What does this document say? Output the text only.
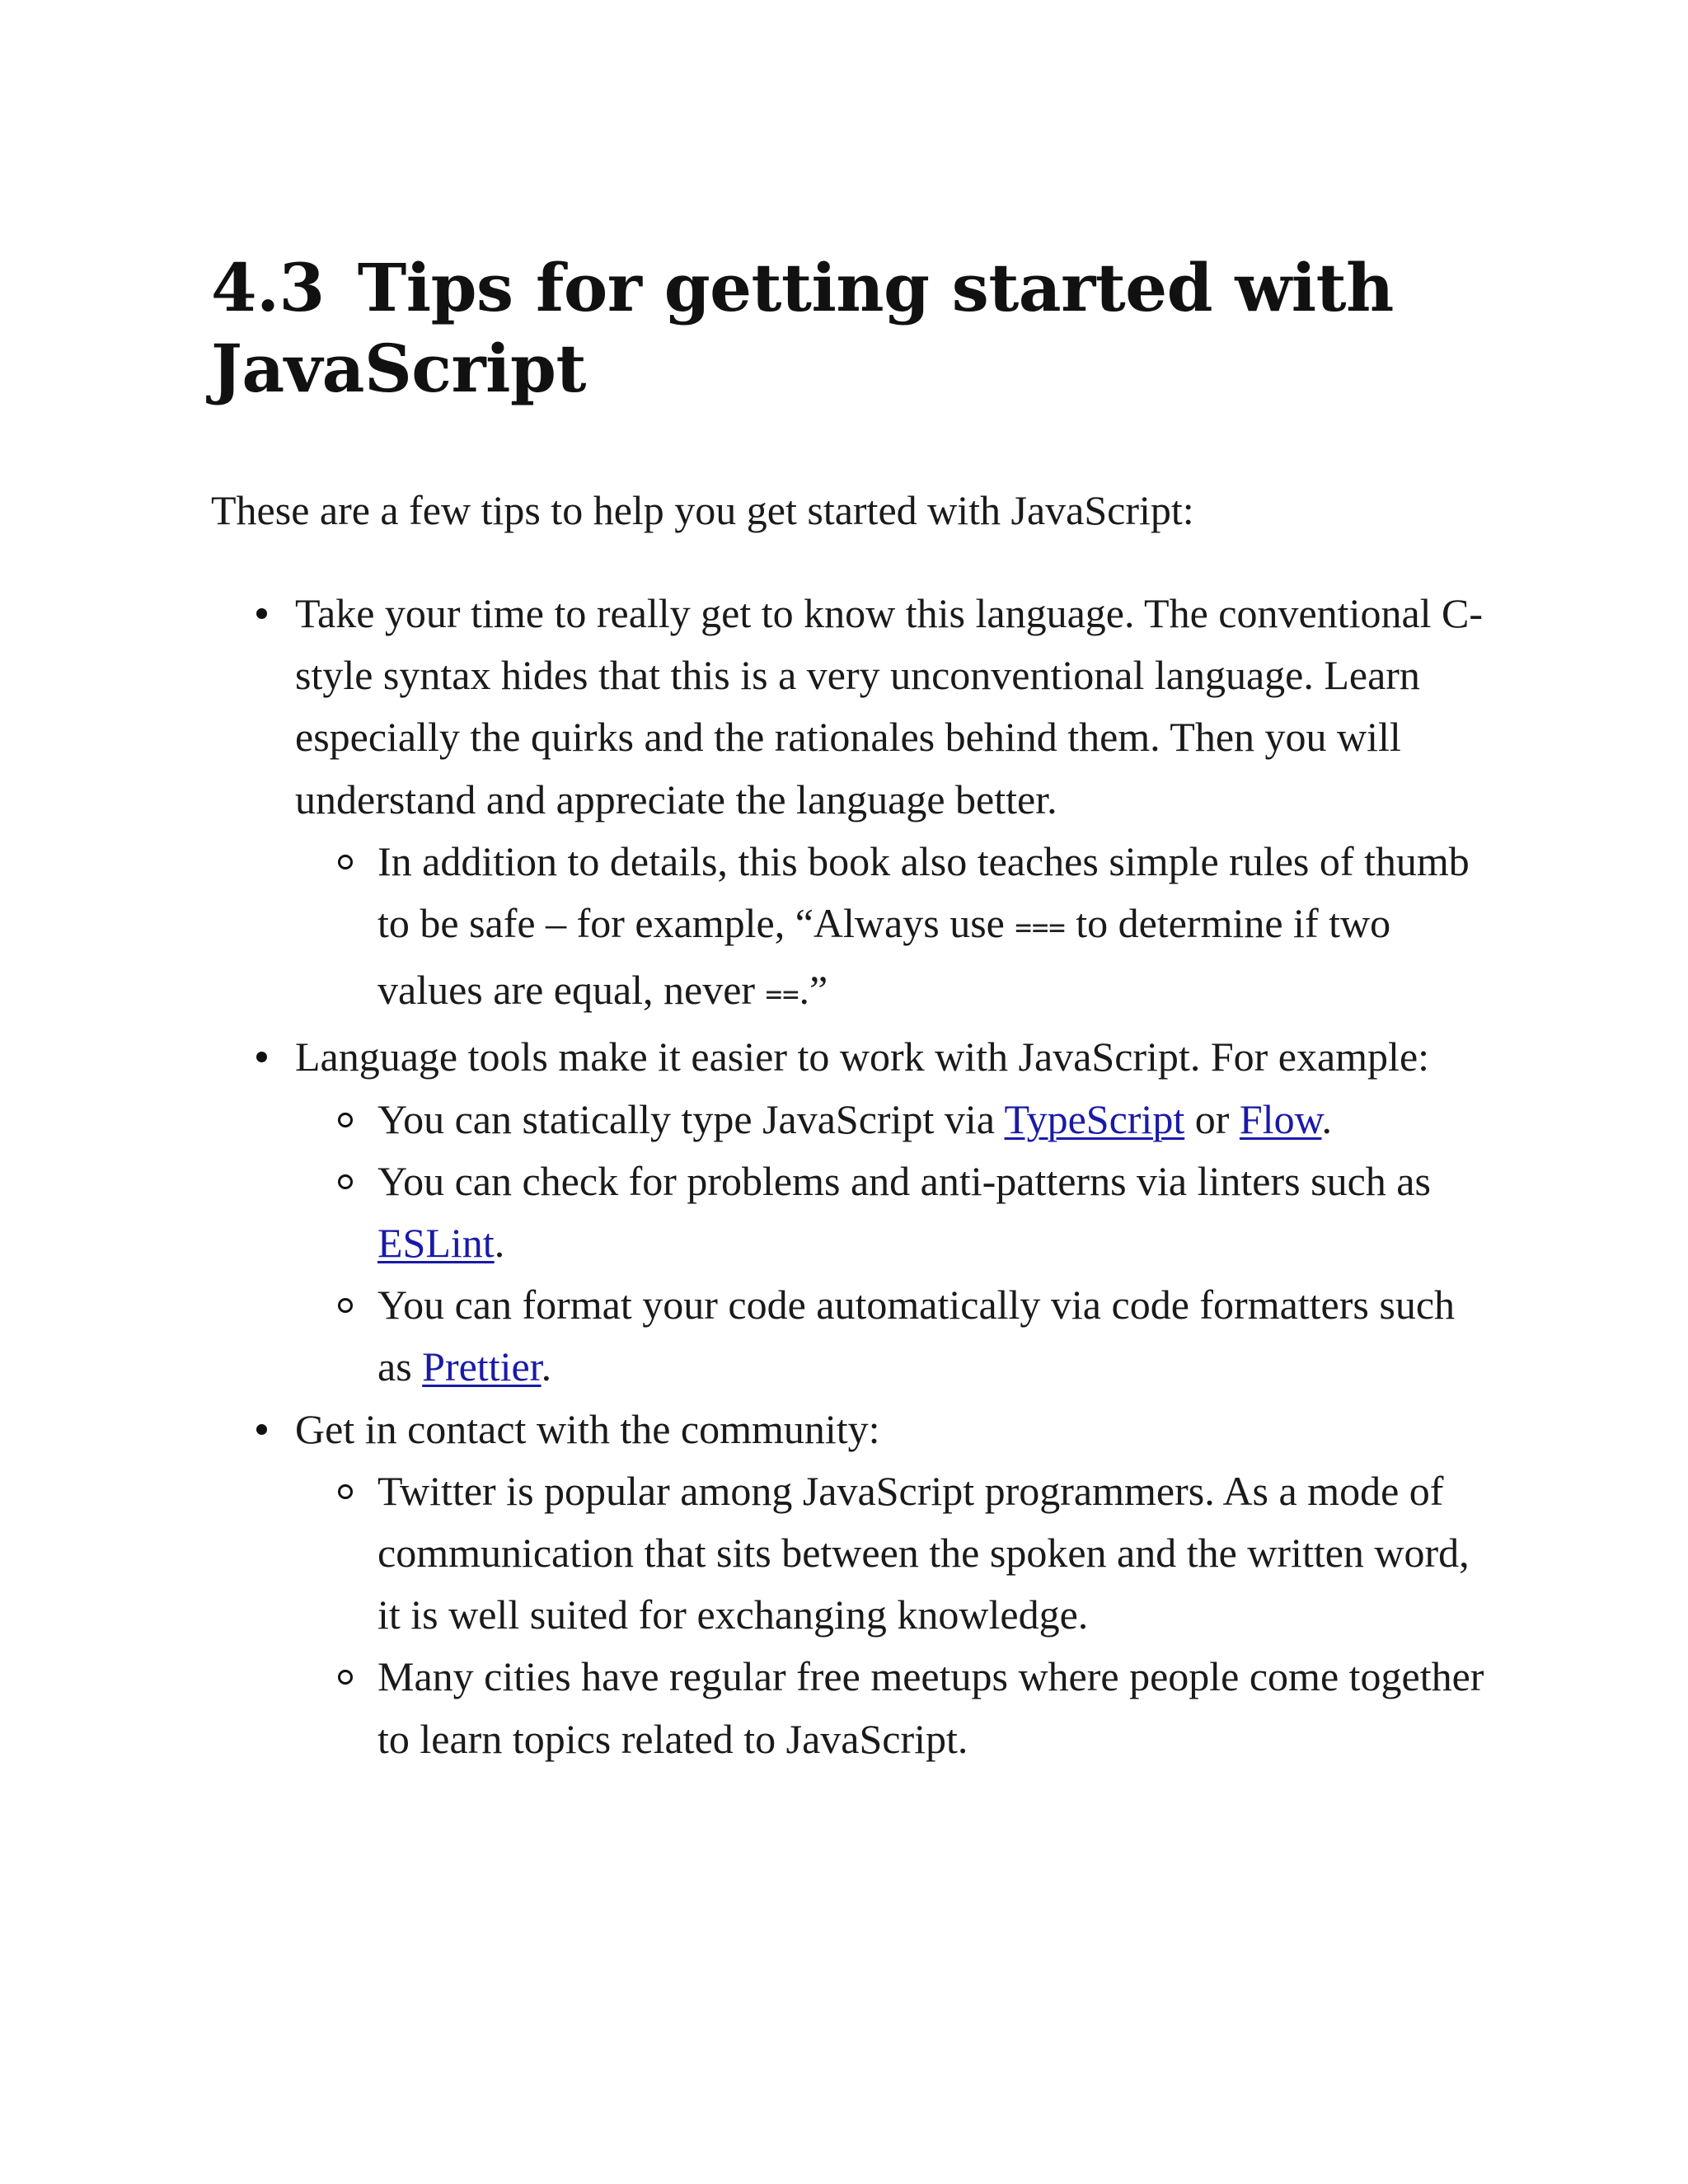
4.3 Tips for getting started with JavaScript

These are a few tips to help you get started with JavaScript:

Take your time to really get to know this language. The conventional C-style syntax hides that this is a very unconventional language. Learn especially the quirks and the rationales behind them. Then you will understand and appreciate the language better.
In addition to details, this book also teaches simple rules of thumb to be safe – for example, “Always use === to determine if two values are equal, never ==.”
Language tools make it easier to work with JavaScript. For example:
You can statically type JavaScript via TypeScript or Flow.
You can check for problems and anti-patterns via linters such as ESLint.
You can format your code automatically via code formatters such as Prettier.
Get in contact with the community:
Twitter is popular among JavaScript programmers. As a mode of communication that sits between the spoken and the written word, it is well suited for exchanging knowledge.
Many cities have regular free meetups where people come together to learn topics related to JavaScript.
